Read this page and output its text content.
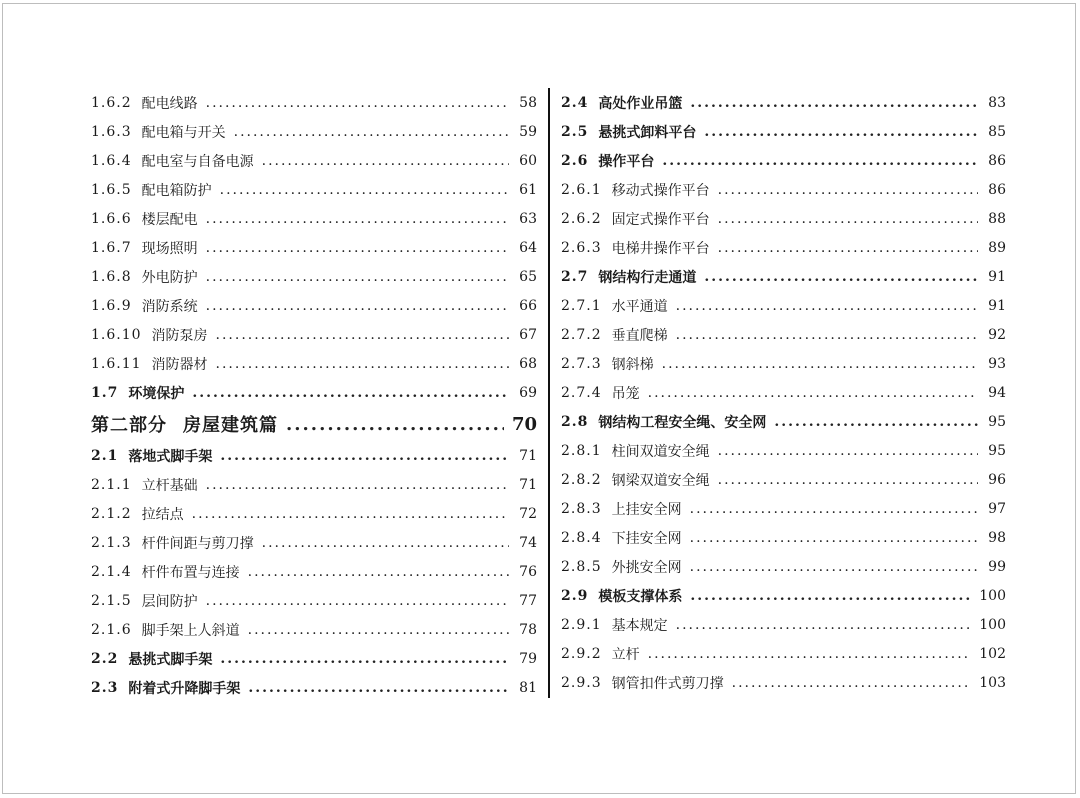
1.6.2 配电线路 .....	58
1.6.3 配电箱与开关 .....	59
1.6.4 配电室与自备电源 .....	60
1.6.5 配电箱防护 .....	61
1.6.6 楼层配电 .....	63
1.6.7 现场照明 .....	64
1.6.8 外电防护 .....	65
1.6.9 消防系统 .....	66
1.6.10 消防泵房 .....	67
1.6.11 消防器材 .....	68
1.7 环境保护 .....	69
第二部分 房屋建筑篇 .....	70
2.1 落地式脚手架 .....	71
2.1.1 立杆基础 .....	71
2.1.2 拉结点 .....	72
2.1.3 杆件间距与剪刀撑 .....	74
2.1.4 杆件布置与连接 .....	76
2.1.5 层间防护 .....	77
2.1.6 脚手架上人斜道 .....	78
2.2 悬挑式脚手架 .....	79
2.3 附着式升降脚手架 .....	81
2.4 高处作业吊篮 .....	83
2.5 悬挑式卸料平台 .....	85
2.6 操作平台 .....	86
2.6.1 移动式操作平台 .....	86
2.6.2 固定式操作平台 .....	88
2.6.3 电梯井操作平台 .....	89
2.7 钢结构行走通道 .....	91
2.7.1 水平通道 .....	91
2.7.2 垂直爬梯 .....	92
2.7.3 钢斜梯 .....	93
2.7.4 吊笼 .....	94
2.8 钢结构工程安全绳、安全网 .....	95
2.8.1 柱间双道安全绳 .....	95
2.8.2 钢梁双道安全绳 .....	96
2.8.3 上挂安全网 .....	97
2.8.4 下挂安全网 .....	98
2.8.5 外挑安全网 .....	99
2.9 模板支撑体系 .....	100
2.9.1 基本规定 .....	100
2.9.2 立杆 .....	102
2.9.3 钢管扣件式剪刀撑 .....	103
